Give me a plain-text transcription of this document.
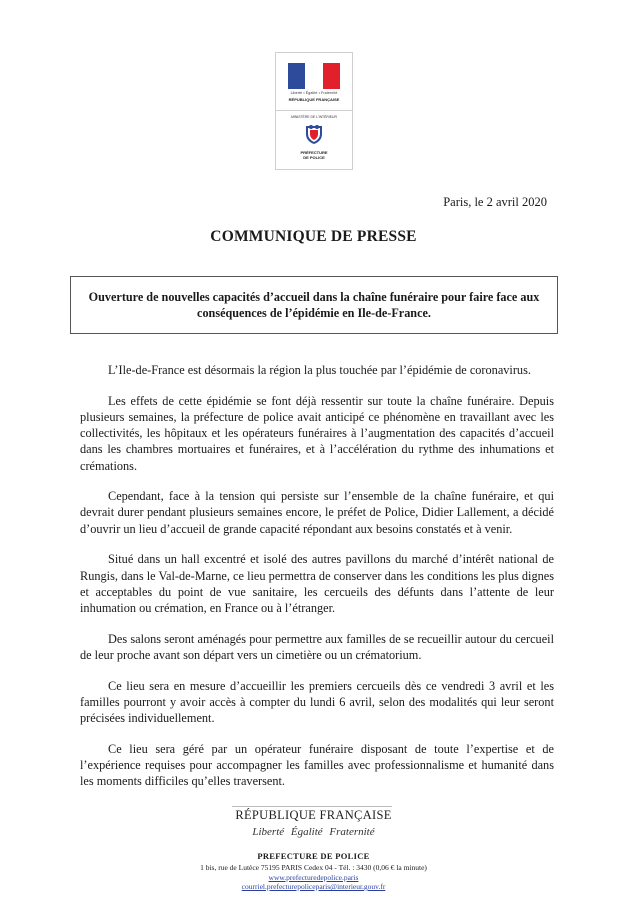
Liberté • Égalité • Fraternité
RÉPUBLIQUE FRANÇAISE
MINISTÈRE DE L'INTÉRIEUR
PRÉFECTURE
DE POLICE
Paris, le 2 avril 2020
COMMUNIQUE DE PRESSE
Ouverture de nouvelles capacités d’accueil dans la chaîne funéraire pour faire face aux
conséquences de l’épidémie en Ile-de-France.

L’Ile-de-France est désormais la région la plus touchée par l’épidémie de coronavirus.

Les effets de cette épidémie se font déjà ressentir sur toute la chaîne funéraire. Depuis plusieurs semaines, la préfecture de police avait anticipé ce phénomène en travaillant avec les collectivités, les hôpitaux et les opérateurs funéraires à l’augmentation des capacités d’accueil dans les chambres mortuaires et funéraires, et à l’accélération du rythme des inhumations et crémations.

Cependant, face à la tension qui persiste sur l’ensemble de la chaîne funéraire, et qui devrait durer pendant plusieurs semaines encore, le préfet de Police, Didier Lallement, a décidé d’ouvrir un lieu d’accueil de grande capacité répondant aux besoins constatés et à venir.

Situé dans un hall excentré et isolé des autres pavillons du marché d’intérêt national de Rungis, dans le Val-de-Marne, ce lieu permettra de conserver dans les conditions les plus dignes et acceptables du point de vue sanitaire, les cercueils des défunts dans l’attente de leur inhumation ou crémation, en France ou à l’étranger.

Des salons seront aménagés pour permettre aux familles de se recueillir autour du cercueil de leur proche avant son départ vers un cimetière ou un crématorium.

Ce lieu sera en mesure d’accueillir les premiers cercueils dès ce vendredi 3 avril et les familles pourront y avoir accès à compter du lundi 6 avril, selon des modalités qui leur seront précisées individuellement.

Ce lieu sera géré par un opérateur funéraire disposant de toute l’expertise et de l’expérience requises pour accompagner les familles avec professionnalisme et humanité dans les moments difficiles qu’elles traversent.

RÉPUBLIQUE FRANÇAISE
Liberté Égalité Fraternité
PREFECTURE DE POLICE
1 bis, rue de Lutèce 75195 PARIS Cedex 04 - Tél. : 3430 (0,06 € la minute)
www.prefecturedepolice.paris
courriel.prefecturepoliceparis@interieur.gouv.fr
